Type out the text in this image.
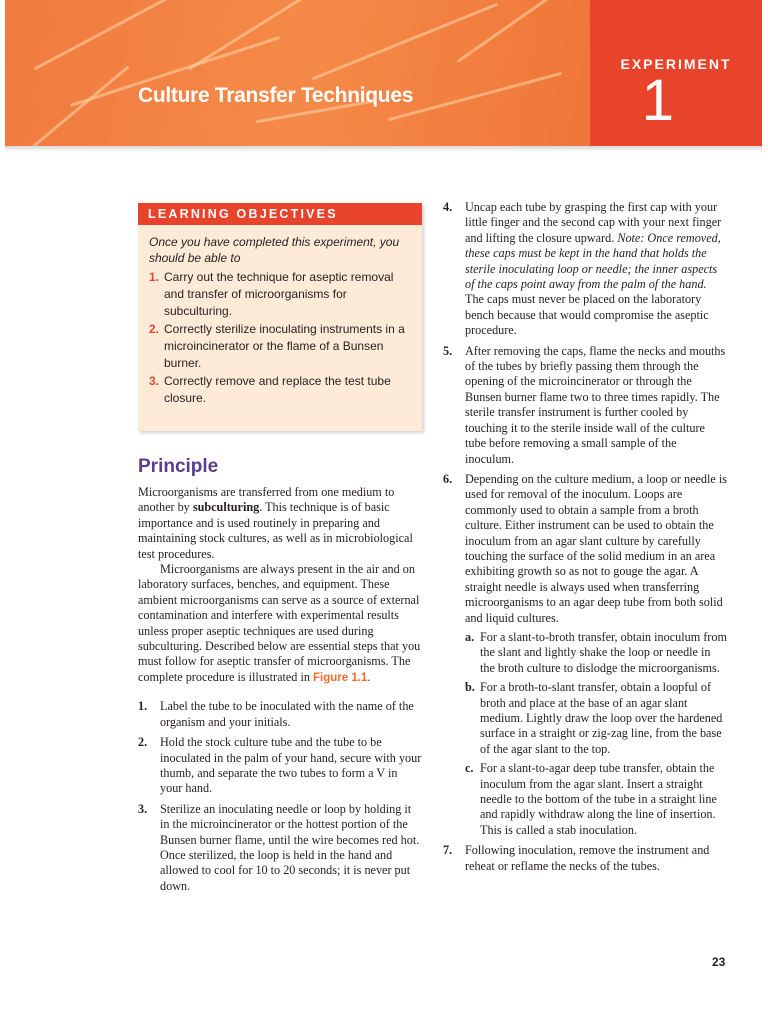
EXPERIMENT
1
Culture Transfer Techniques
LEARNING OBJECTIVES
Once you have completed this experiment, you should be able to
1. Carry out the technique for aseptic removal and transfer of microorganisms for subculturing.
2. Correctly sterilize inoculating instruments in a microincinerator or the flame of a Bunsen burner.
3. Correctly remove and replace the test tube closure.
Principle

Microorganisms are transferred from one medium to another by subculturing. This technique is of basic importance and is used routinely in preparing and maintaining stock cultures, as well as in microbiological test procedures.

Microorganisms are always present in the air and on laboratory surfaces, benches, and equipment. These ambient microorganisms can serve as a source of external contamination and interfere with experimental results unless proper aseptic techniques are used during subculturing. Described below are essential steps that you must follow for aseptic transfer of microorganisms. The complete procedure is illustrated in Figure 1.1.

1.	Label the tube to be inoculated with the name of the organism and your initials.
2.	Hold the stock culture tube and the tube to be inoculated in the palm of your hand, secure with your thumb, and separate the two tubes to form a V in your hand.
3.	Sterilize an inoculating needle or loop by holding it in the microincinerator or the hottest portion of the Bunsen burner flame, until the wire becomes red hot. Once sterilized, the loop is held in the hand and allowed to cool for 10 to 20 seconds; it is never put down.
4.	Uncap each tube by grasping the first cap with your little finger and the second cap with your next finger and lifting the closure upward. Note: Once removed, these caps must be kept in the hand that holds the sterile inoculating loop or needle; the inner aspects of the caps point away from the palm of the hand. The caps must never be placed on the laboratory bench because that would compromise the aseptic procedure.
5.	After removing the caps, flame the necks and mouths of the tubes by briefly passing them through the opening of the microincinerator or through the Bunsen burner flame two to three times rapidly. The sterile transfer instrument is further cooled by touching it to the sterile inside wall of the culture tube before removing a small sample of the inoculum.
6.	Depending on the culture medium, a loop or needle is used for removal of the inoculum. Loops are commonly used to obtain a sample from a broth culture. Either instrument can be used to obtain the inoculum from an agar slant culture by carefully touching the surface of the solid medium in an area exhibiting growth so as not to gouge the agar. A straight needle is always used when transferring microorganisms to an agar deep tube from both solid and liquid cultures.
a. For a slant-to-broth transfer, obtain inoculum from the slant and lightly shake the loop or needle in the broth culture to dislodge the microorganisms.
b. For a broth-to-slant transfer, obtain a loopful of broth and place at the base of an agar slant medium. Lightly draw the loop over the hardened surface in a straight or zig-zag line, from the base of the agar slant to the top.
c. For a slant-to-agar deep tube transfer, obtain the inoculum from the agar slant. Insert a straight needle to the bottom of the tube in a straight line and rapidly withdraw along the line of insertion. This is called a stab inoculation.
7.	Following inoculation, remove the instrument and reheat or reflame the necks of the tubes.
23
